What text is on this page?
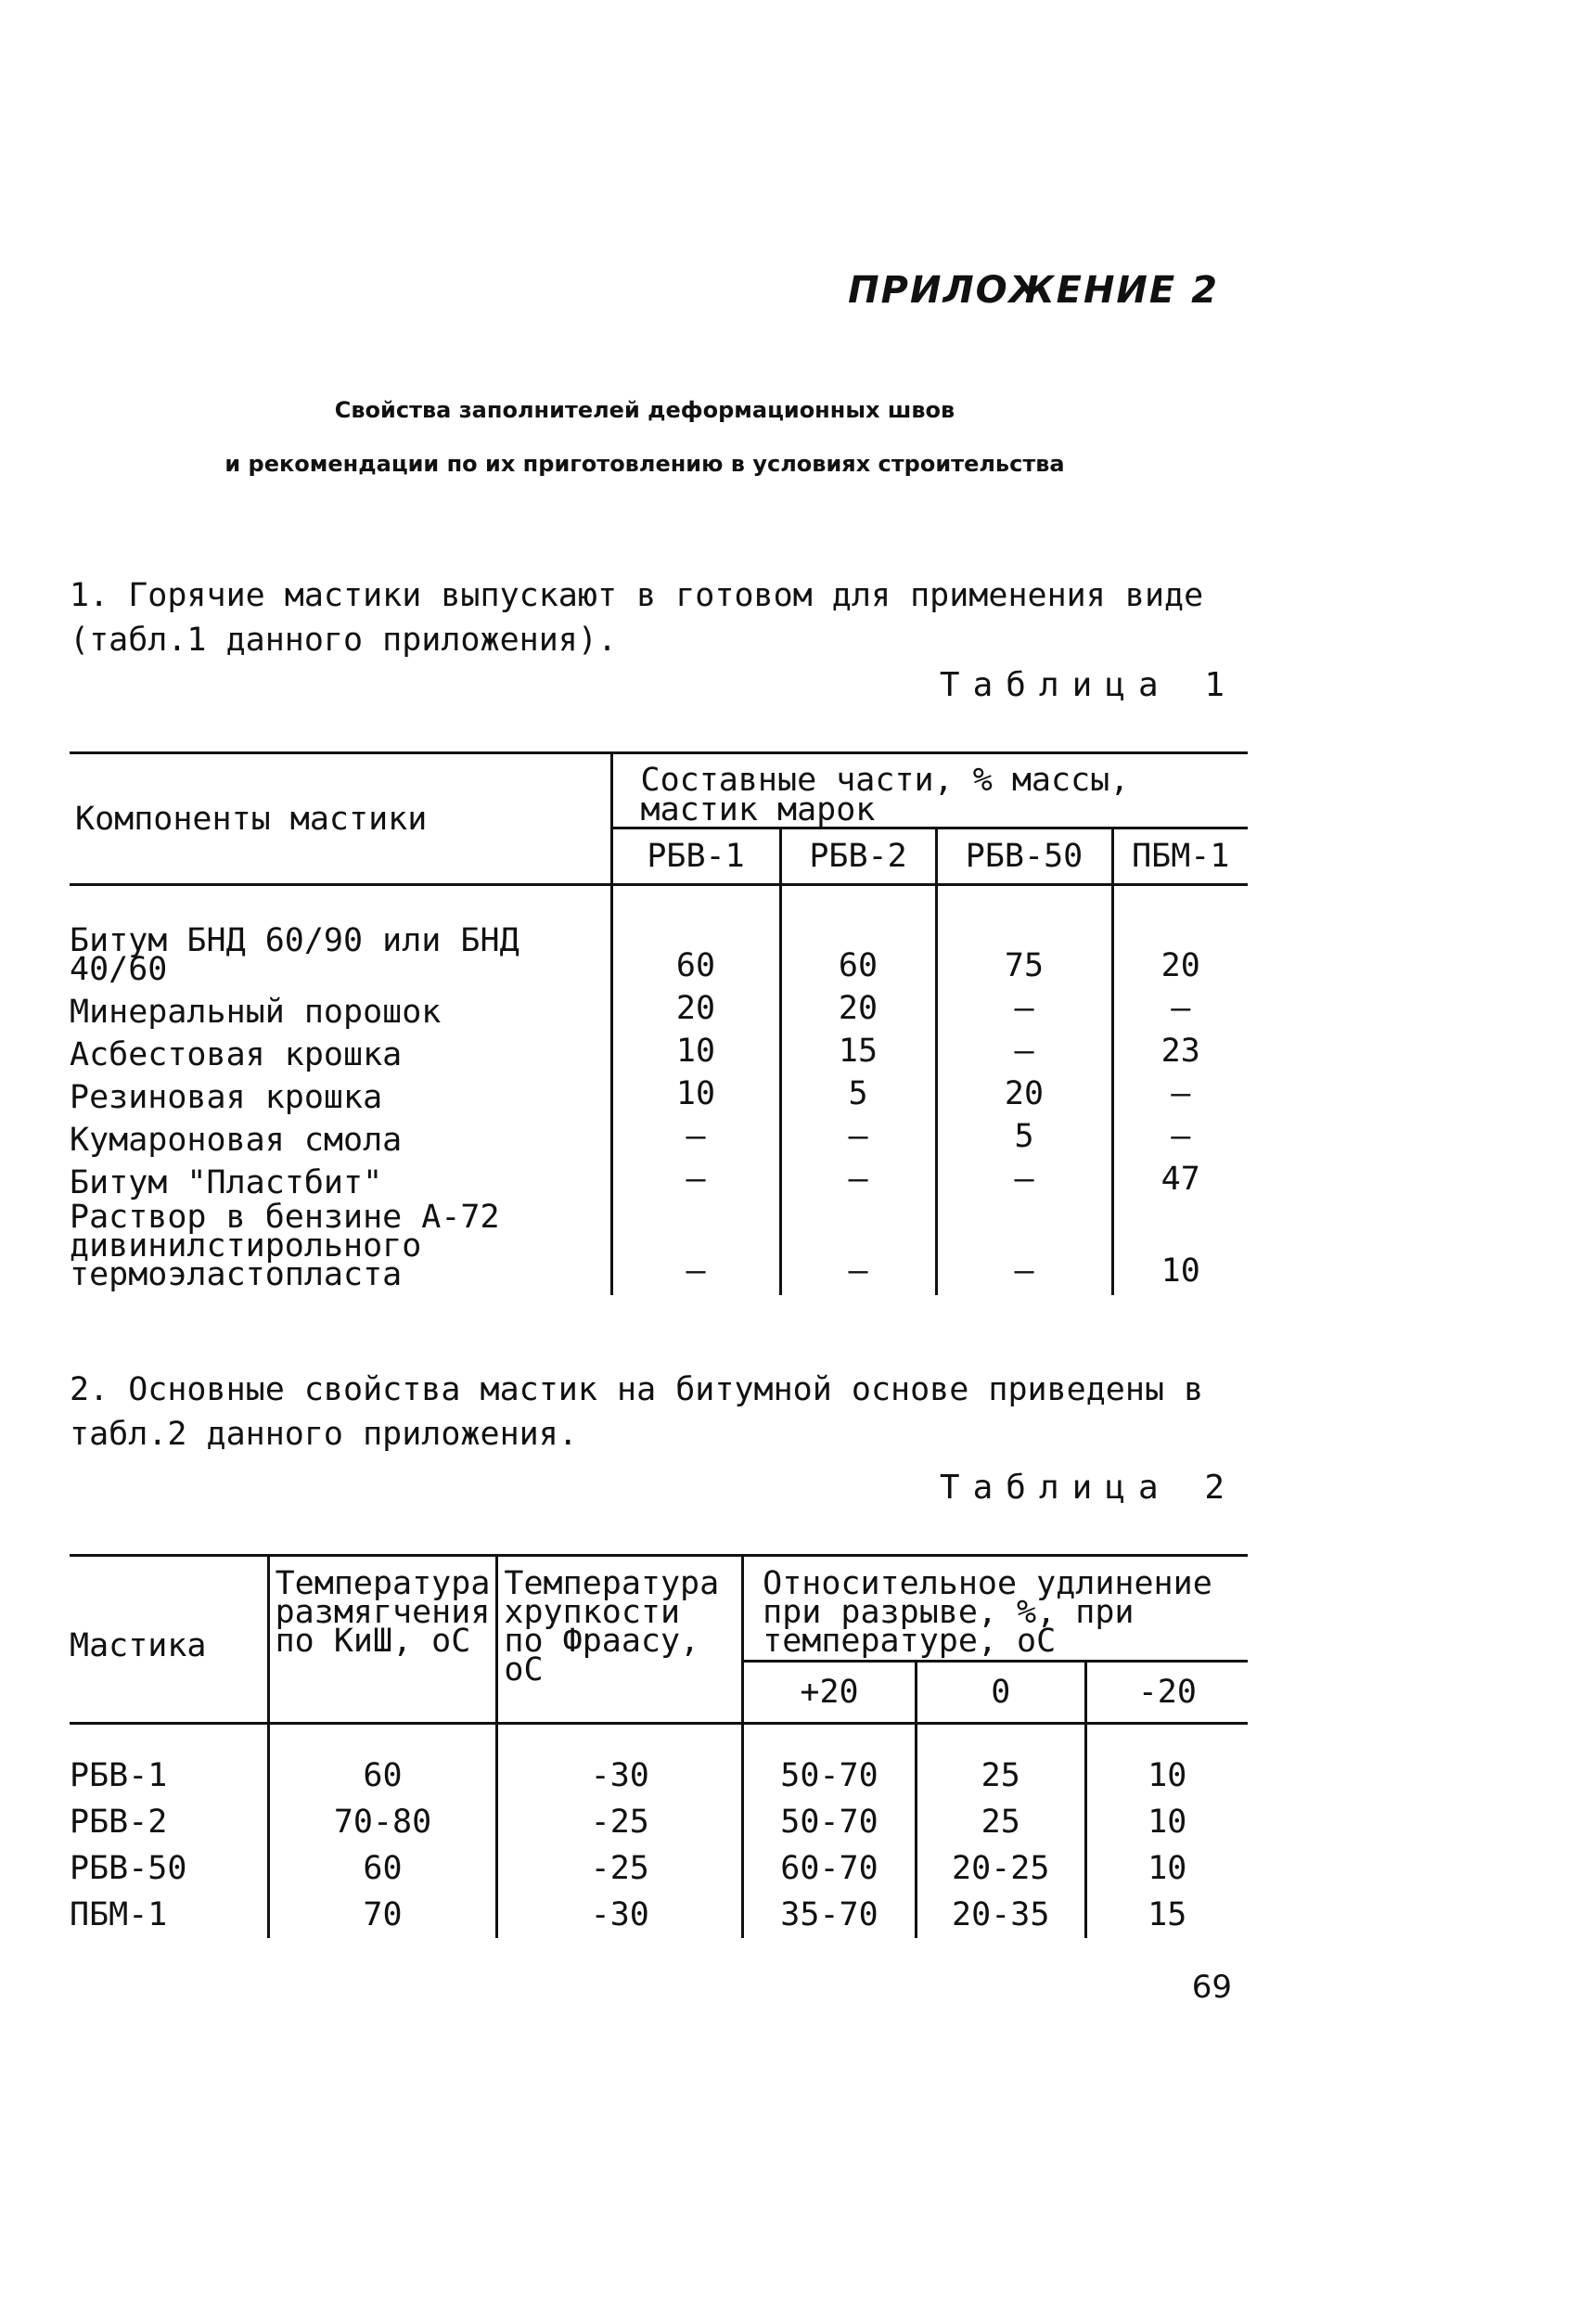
ПРИЛОЖЕНИЕ 2
Свойства заполнителей деформационных швов
и рекомендации по их приготовлению в условиях строительства
1. Горячие мастики выпускают в готовом для применения виде (табл.1 данного приложения).
Таблица 1
Компоненты мастики	Составные части, % массы, мастик марок			
	РБВ-1	РБВ-2	РБВ-50	ПБМ-1
Битум БНД 60/90 или БНД 40/60	60	60	75	20
Минеральный порошок	20	20	–	–
Асбестовая крошка	10	15	–	23
Резиновая крошка	10	5	20	–
Кумароновая смола	–	–	5	–
Битум "Пластбит"	–	–	–	47
Раствор в бензине А-72 дивинилстирольного термоэластопласта	–	–	–	10
2. Основные свойства мастик на битумной основе приведены в табл.2 данного приложения.
Таблица 2
Мастика	Температура размягчения по КиШ, оС	Температура хрупкости по Фраасу, оС	Относительное удлинение при разрыве, %, при температуре, оС		
			+20	0	-20
РБВ-1	60	-30	50-70	25	10
РБВ-2	70-80	-25	50-70	25	10
РБВ-50	60	-25	60-70	20-25	10
ПБМ-1	70	-30	35-70	20-35	15
69
